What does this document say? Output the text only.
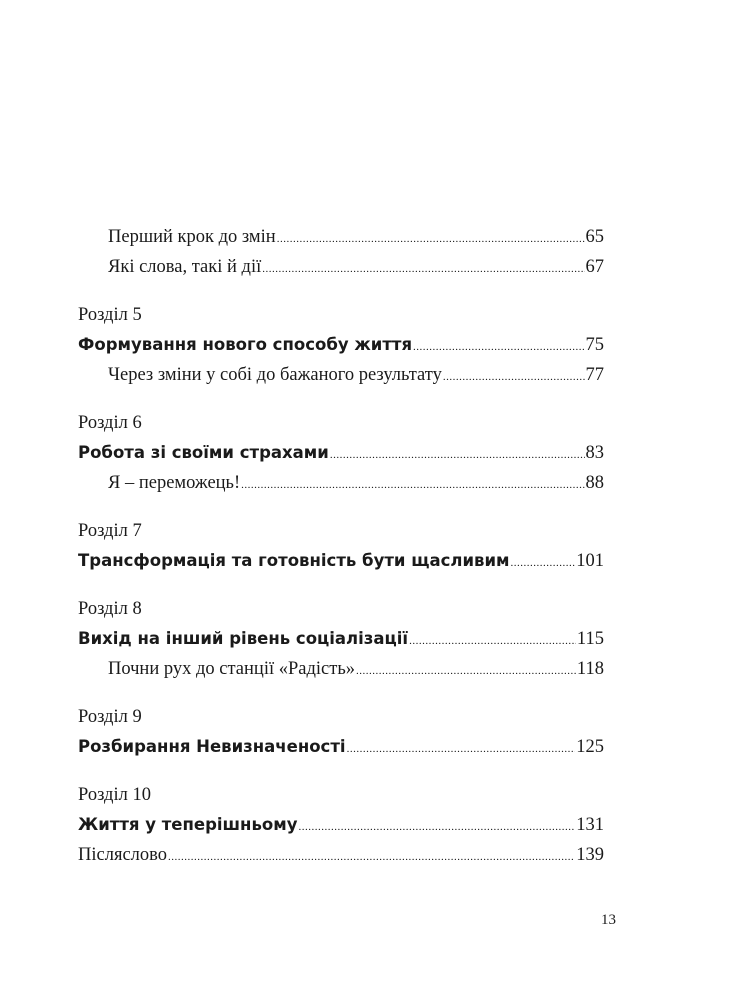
Перший крок до змін .....	65
Які слова, такі й дії .....	67
Розділ 5
Формування нового способу життя .....	75
Через зміни у собі до бажаного результату .....	77
Розділ 6
Робота зі своїми страхами .....	83
Я – переможець! .....	88
Розділ 7
Трансформація та готовність бути щасливим .....	101
Розділ 8
Вихід на інший рівень соціалізації .....	115
Почни рух до станції «Радість» .....	118
Розділ 9
Розбирання Невизначеності .....	125
Розділ 10
Життя у теперішньому .....	131
Післяслово .....	139
13
